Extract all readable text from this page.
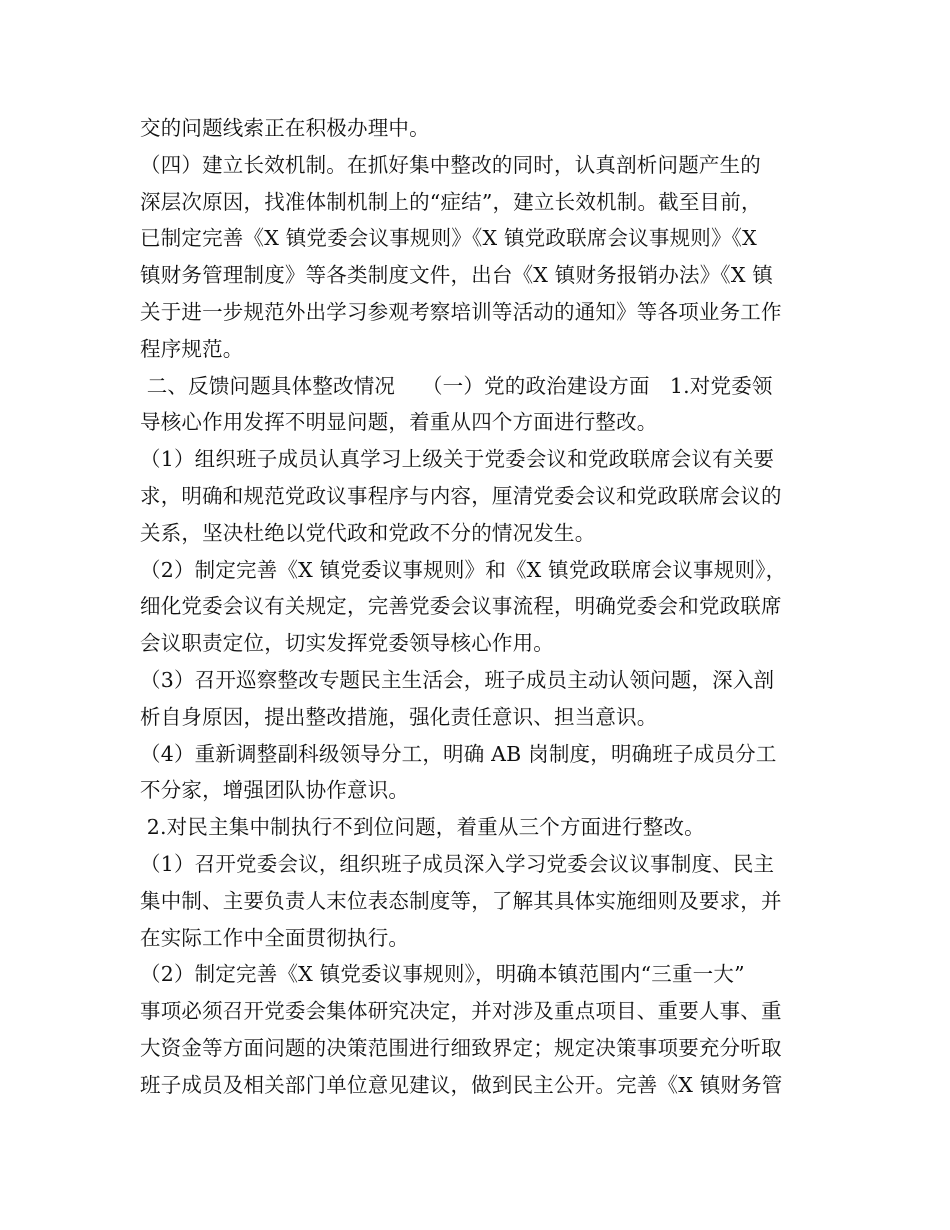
交的问题线索正在积极办理中。
（四）建立长效机制。在抓好集中整改的同时，认真剖析问题产生的
深层次原因，找准体制机制上的“症结”，建立长效机制。截至目前，
已制定完善《X 镇党委会议事规则》《X 镇党政联席会议事规则》《X
镇财务管理制度》等各类制度文件，出台《X 镇财务报销办法》《X 镇
关于进一步规范外出学习参观考察培训等活动的通知》等各项业务工作
程序规范。
二、反馈问题具体整改情况    （一）党的政治建设方面   1.对党委领
导核心作用发挥不明显问题，着重从四个方面进行整改。
（1）组织班子成员认真学习上级关于党委会议和党政联席会议有关要
求，明确和规范党政议事程序与内容，厘清党委会议和党政联席会议的
关系，坚决杜绝以党代政和党政不分的情况发生。
（2）制定完善《X 镇党委议事规则》和《X 镇党政联席会议事规则》，
细化党委会议有关规定，完善党委会议事流程，明确党委会和党政联席
会议职责定位，切实发挥党委领导核心作用。
（3）召开巡察整改专题民主生活会，班子成员主动认领问题，深入剖
析自身原因，提出整改措施，强化责任意识、担当意识。
（4）重新调整副科级领导分工，明确 AB 岗制度，明确班子成员分工
不分家，增强团队协作意识。
2.对民主集中制执行不到位问题，着重从三个方面进行整改。
（1）召开党委会议，组织班子成员深入学习党委会议议事制度、民主
集中制、主要负责人末位表态制度等，了解其具体实施细则及要求，并
在实际工作中全面贯彻执行。
（2）制定完善《X 镇党委议事规则》，明确本镇范围内“三重一大”
事项必须召开党委会集体研究决定，并对涉及重点项目、重要人事、重
大资金等方面问题的决策范围进行细致界定；规定决策事项要充分听取
班子成员及相关部门单位意见建议，做到民主公开。完善《X 镇财务管
